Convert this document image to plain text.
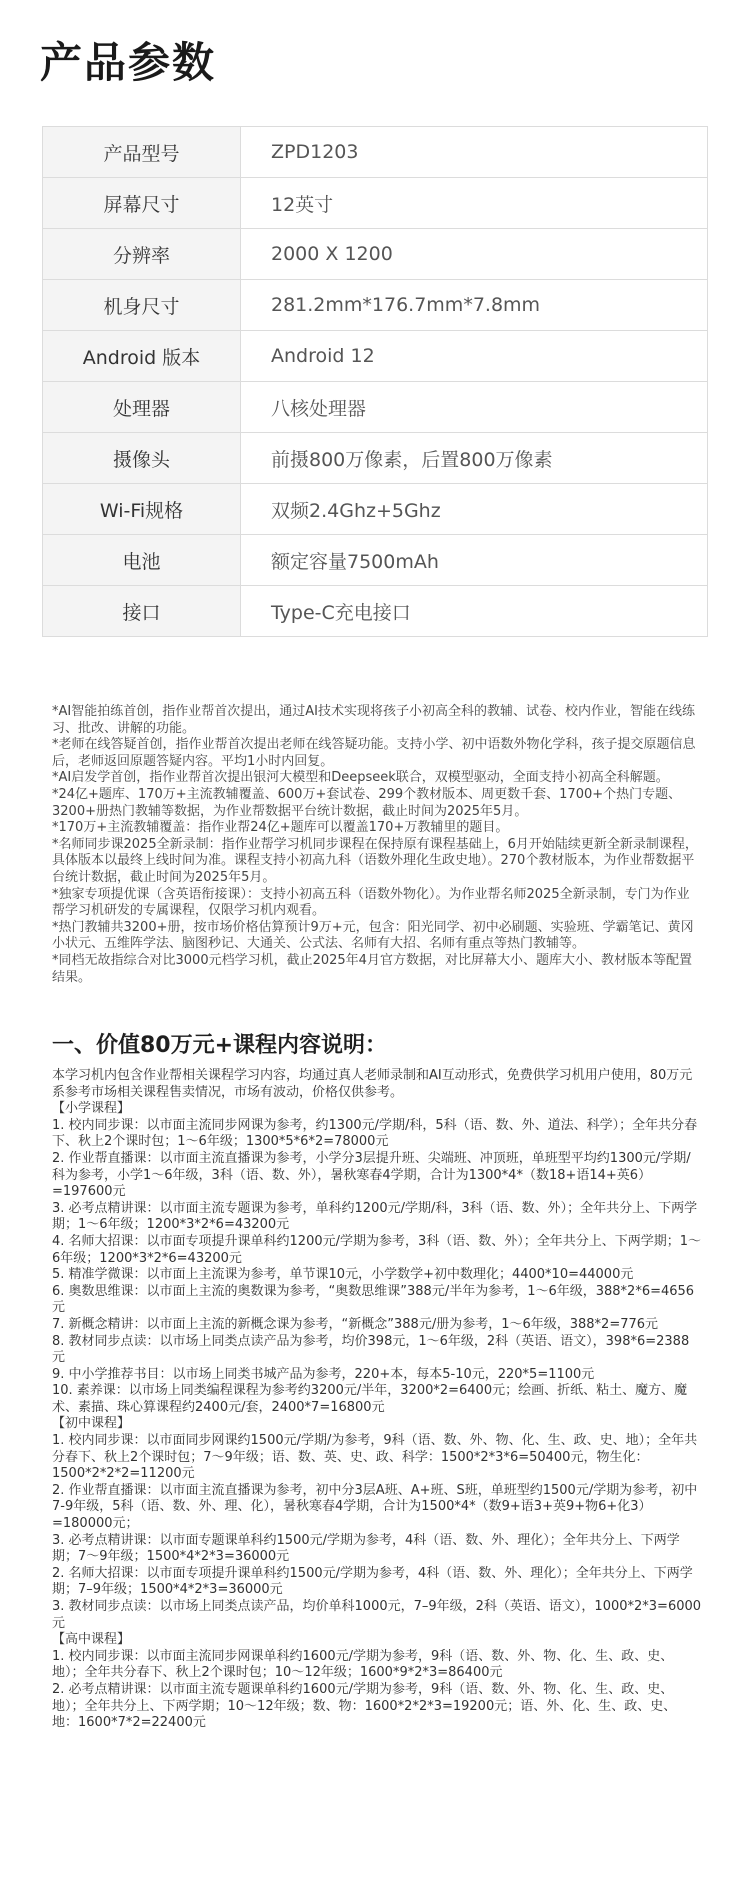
产品参数
产品型号	ZPD1203
屏幕尺寸	12英寸
分辨率	2000 X 1200
机身尺寸	281.2mm*176.7mm*7.8mm
Android 版本	Android 12
处理器	八核处理器
摄像头	前摄800万像素，后置800万像素
Wi-Fi规格	双频2.4Ghz+5Ghz
电池	额定容量7500mAh
接口	Type-C充电接口

*AI智能拍练首创，指作业帮首次提出，通过AI技术实现将孩子小初高全科的教辅、试卷、校内作业，智能在线练习、批改、讲解的功能。

*老师在线答疑首创，指作业帮首次提出老师在线答疑功能。支持小学、初中语数外物化学科，孩子提交原题信息后，老师返回原题答疑内容。平均1小时内回复。

*AI启发学首创，指作业帮首次提出银河大模型和Deepseek联合，双模型驱动，全面支持小初高全科解题。

*24亿+题库、170万+主流教辅覆盖、600万+套试卷、299个教材版本、周更数千套、1700+个热门专题、3200+册热门教辅等数据，为作业帮数据平台统计数据，截止时间为2025年5月。

*170万+主流教辅覆盖：指作业帮24亿+题库可以覆盖170+万教辅里的题目。

*名师同步课2025全新录制：指作业帮学习机同步课程在保持原有课程基础上，6月开始陆续更新全新录制课程，具体版本以最终上线时间为准。课程支持小初高九科（语数外理化生政史地）。270个教材版本，为作业帮数据平台统计数据，截止时间为2025年5月。

*独家专项提优课（含英语衔接课）：支持小初高五科（语数外物化）。为作业帮名师2025全新录制，专门为作业帮学习机研发的专属课程，仅限学习机内观看。

*热门教辅共3200+册，按市场价格估算预计9万+元，包含：阳光同学、初中必刷题、实验班、学霸笔记、黄冈小状元、五维阵学法、脑图秒记、大通关、公式法、名师有大招、名师有重点等热门教辅等。

*同档无故指综合对比3000元档学习机，截止2025年4月官方数据，对比屏幕大小、题库大小、教材版本等配置结果。

一、价值80万元+课程内容说明：

本学习机内包含作业帮相关课程学习内容，均通过真人老师录制和AI互动形式，免费供学习机用户使用，80万元系参考市场相关课程售卖情况，市场有波动，价格仅供参考。

【小学课程】

1. 校内同步课：以市面主流同步网课为参考，约1300元/学期/科，5科（语、数、外、道法、科学）；全年共分春下、秋上2个课时包；1～6年级；1300*5*6*2=78000元

2. 作业帮直播课：以市面主流直播课为参考，小学分3层提升班、尖端班、冲顶班，单班型平均约1300元/学期/科为参考，小学1～6年级，3科（语、数、外），暑秋寒春4学期，合计为1300*4*（数18+语14+英6）=197600元

3. 必考点精讲课：以市面主流专题课为参考，单科约1200元/学期/科，3科（语、数、外）；全年共分上、下两学期；1～6年级；1200*3*2*6=43200元

4. 名师大招课：以市面专项提升课单科约1200元/学期为参考，3科（语、数、外）；全年共分上、下两学期；1～6年级；1200*3*2*6=43200元

5. 精准学微课：以市面上主流课为参考，单节课10元，小学数学+初中数理化；4400*10=44000元

6. 奥数思维课：以市面上主流的奥数课为参考，“奥数思维课”388元/半年为参考，1～6年级，388*2*6=4656元

7. 新概念精讲：以市面上主流的新概念课为参考，“新概念”388元/册为参考，1～6年级，388*2=776元

8. 教材同步点读：以市场上同类点读产品为参考，均价398元，1～6年级，2科（英语、语文），398*6=2388元

9. 中小学推荐书目：以市场上同类书城产品为参考，220+本，每本5-10元，220*5=1100元

10. 素养课：以市场上同类编程课程为参考约3200元/半年，3200*2=6400元；绘画、折纸、粘土、魔方、魔术、素描、珠心算课程约2400元/套，2400*7=16800元

【初中课程】

1. 校内同步课：以市面同步网课约1500元/学期/为参考，9科（语、数、外、物、化、生、政、史、地）；全年共分春下、秋上2个课时包；7～9年级；语、数、英、史、政、科学：1500*2*3*6=50400元，物生化：1500*2*2*2=11200元

2. 作业帮直播课：以市面主流直播课为参考，初中分3层A班、A+班、S班，单班型约1500元/学期为参考，初中7-9年级，5科（语、数、外、理、化），暑秋寒春4学期，合计为1500*4*（数9+语3+英9+物6+化3）=180000元；

3. 必考点精讲课：以市面专题课单科约1500元/学期为参考，4科（语、数、外、理化）；全年共分上、下两学期；7～9年级；1500*4*2*3=36000元

2. 名师大招课：以市面专项提升课单科约1500元/学期为参考，4科（语、数、外、理化）；全年共分上、下两学期；7–9年级；1500*4*2*3=36000元

3. 教材同步点读：以市场上同类点读产品，均价单科1000元，7–9年级，2科（英语、语文），1000*2*3=6000元

【高中课程】

1. 校内同步课：以市面主流同步网课单科约1600元/学期为参考，9科（语、数、外、物、化、生、政、史、地）；全年共分春下、秋上2个课时包；10～12年级；1600*9*2*3=86400元

2. 必考点精讲课：以市面主流专题课单科约1600元/学期为参考，9科（语、数、外、物、化、生、政、史、地）；全年共分上、下两学期；10～12年级；数、物：1600*2*2*3=19200元；语、外、化、生、政、史、地：1600*7*2=22400元
